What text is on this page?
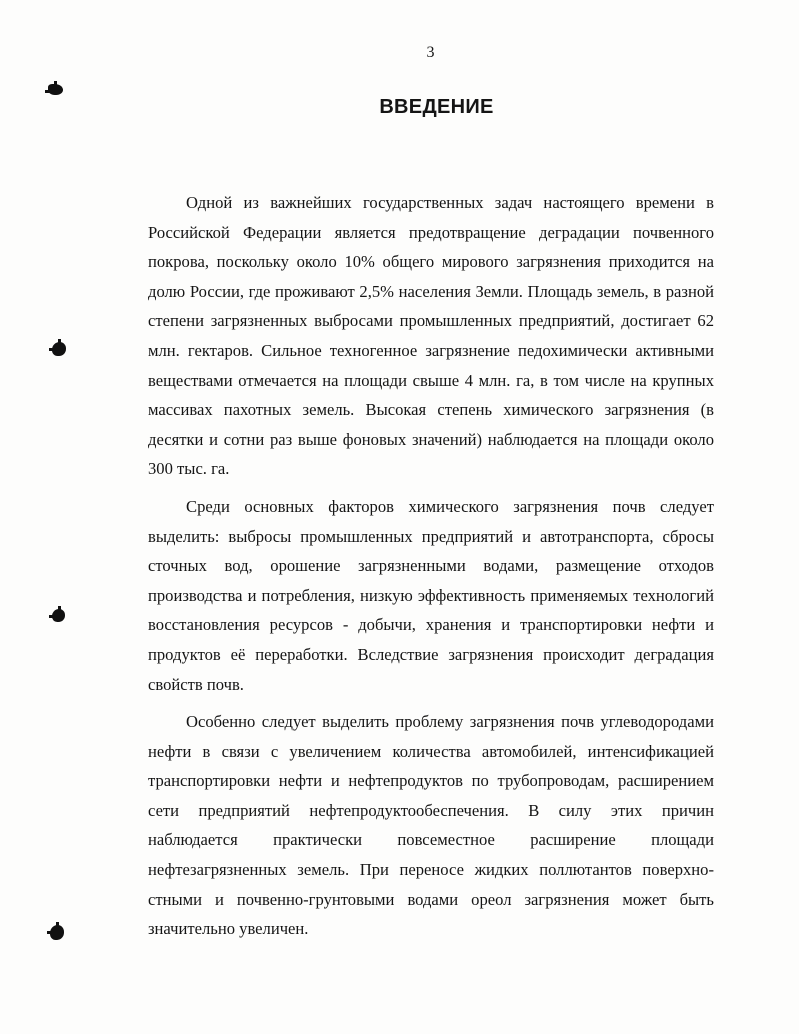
3
ВВЕДЕНИЕ

Одной из важнейших государственных задач настоящего времени в Российской Федерации является предотвращение деградации почвенного покрова, поскольку около 10% общего мирового загрязнения приходится на долю России, где проживают 2,5% населения Земли. Площадь земель, в разной степени загрязненных выбросами промышленных предприятий, достигает 62 млн. гектаров. Сильное техногенное загрязнение педохимически активными веществами отмечается на площади свыше 4 млн. га, в том числе на крупных массивах пахотных земель. Высокая степень химического загрязнения (в десятки и сотни раз выше фоновых значений) наблюдается на площади около 300 тыс. га.

Среди основных факторов химического загрязнения почв следует выделить: выбросы промышленных предприятий и автотранспорта, сбросы сточных вод, орошение загрязненными водами, размещение отходов производства и потребления, низкую эффективность применяемых технологий восстановления ресурсов - добычи, хранения и транспортировки нефти и продуктов её переработки. Вследствие загрязнения происходит деградация свойств почв.

Особенно следует выделить проблему загрязнения почв углеводородами нефти в связи с увеличением количества автомобилей, интенсификацией транспортировки нефти и нефтепродуктов по трубопроводам, расширением сети предприятий нефтепродуктообеспечения. В силу этих причин наблюдается практически повсеместное расширение площади нефтезагрязненных земель. При переносе жидких поллютантов поверхностными и почвенно-грунтовыми водами ореол загрязнения может быть значительно увеличен.
